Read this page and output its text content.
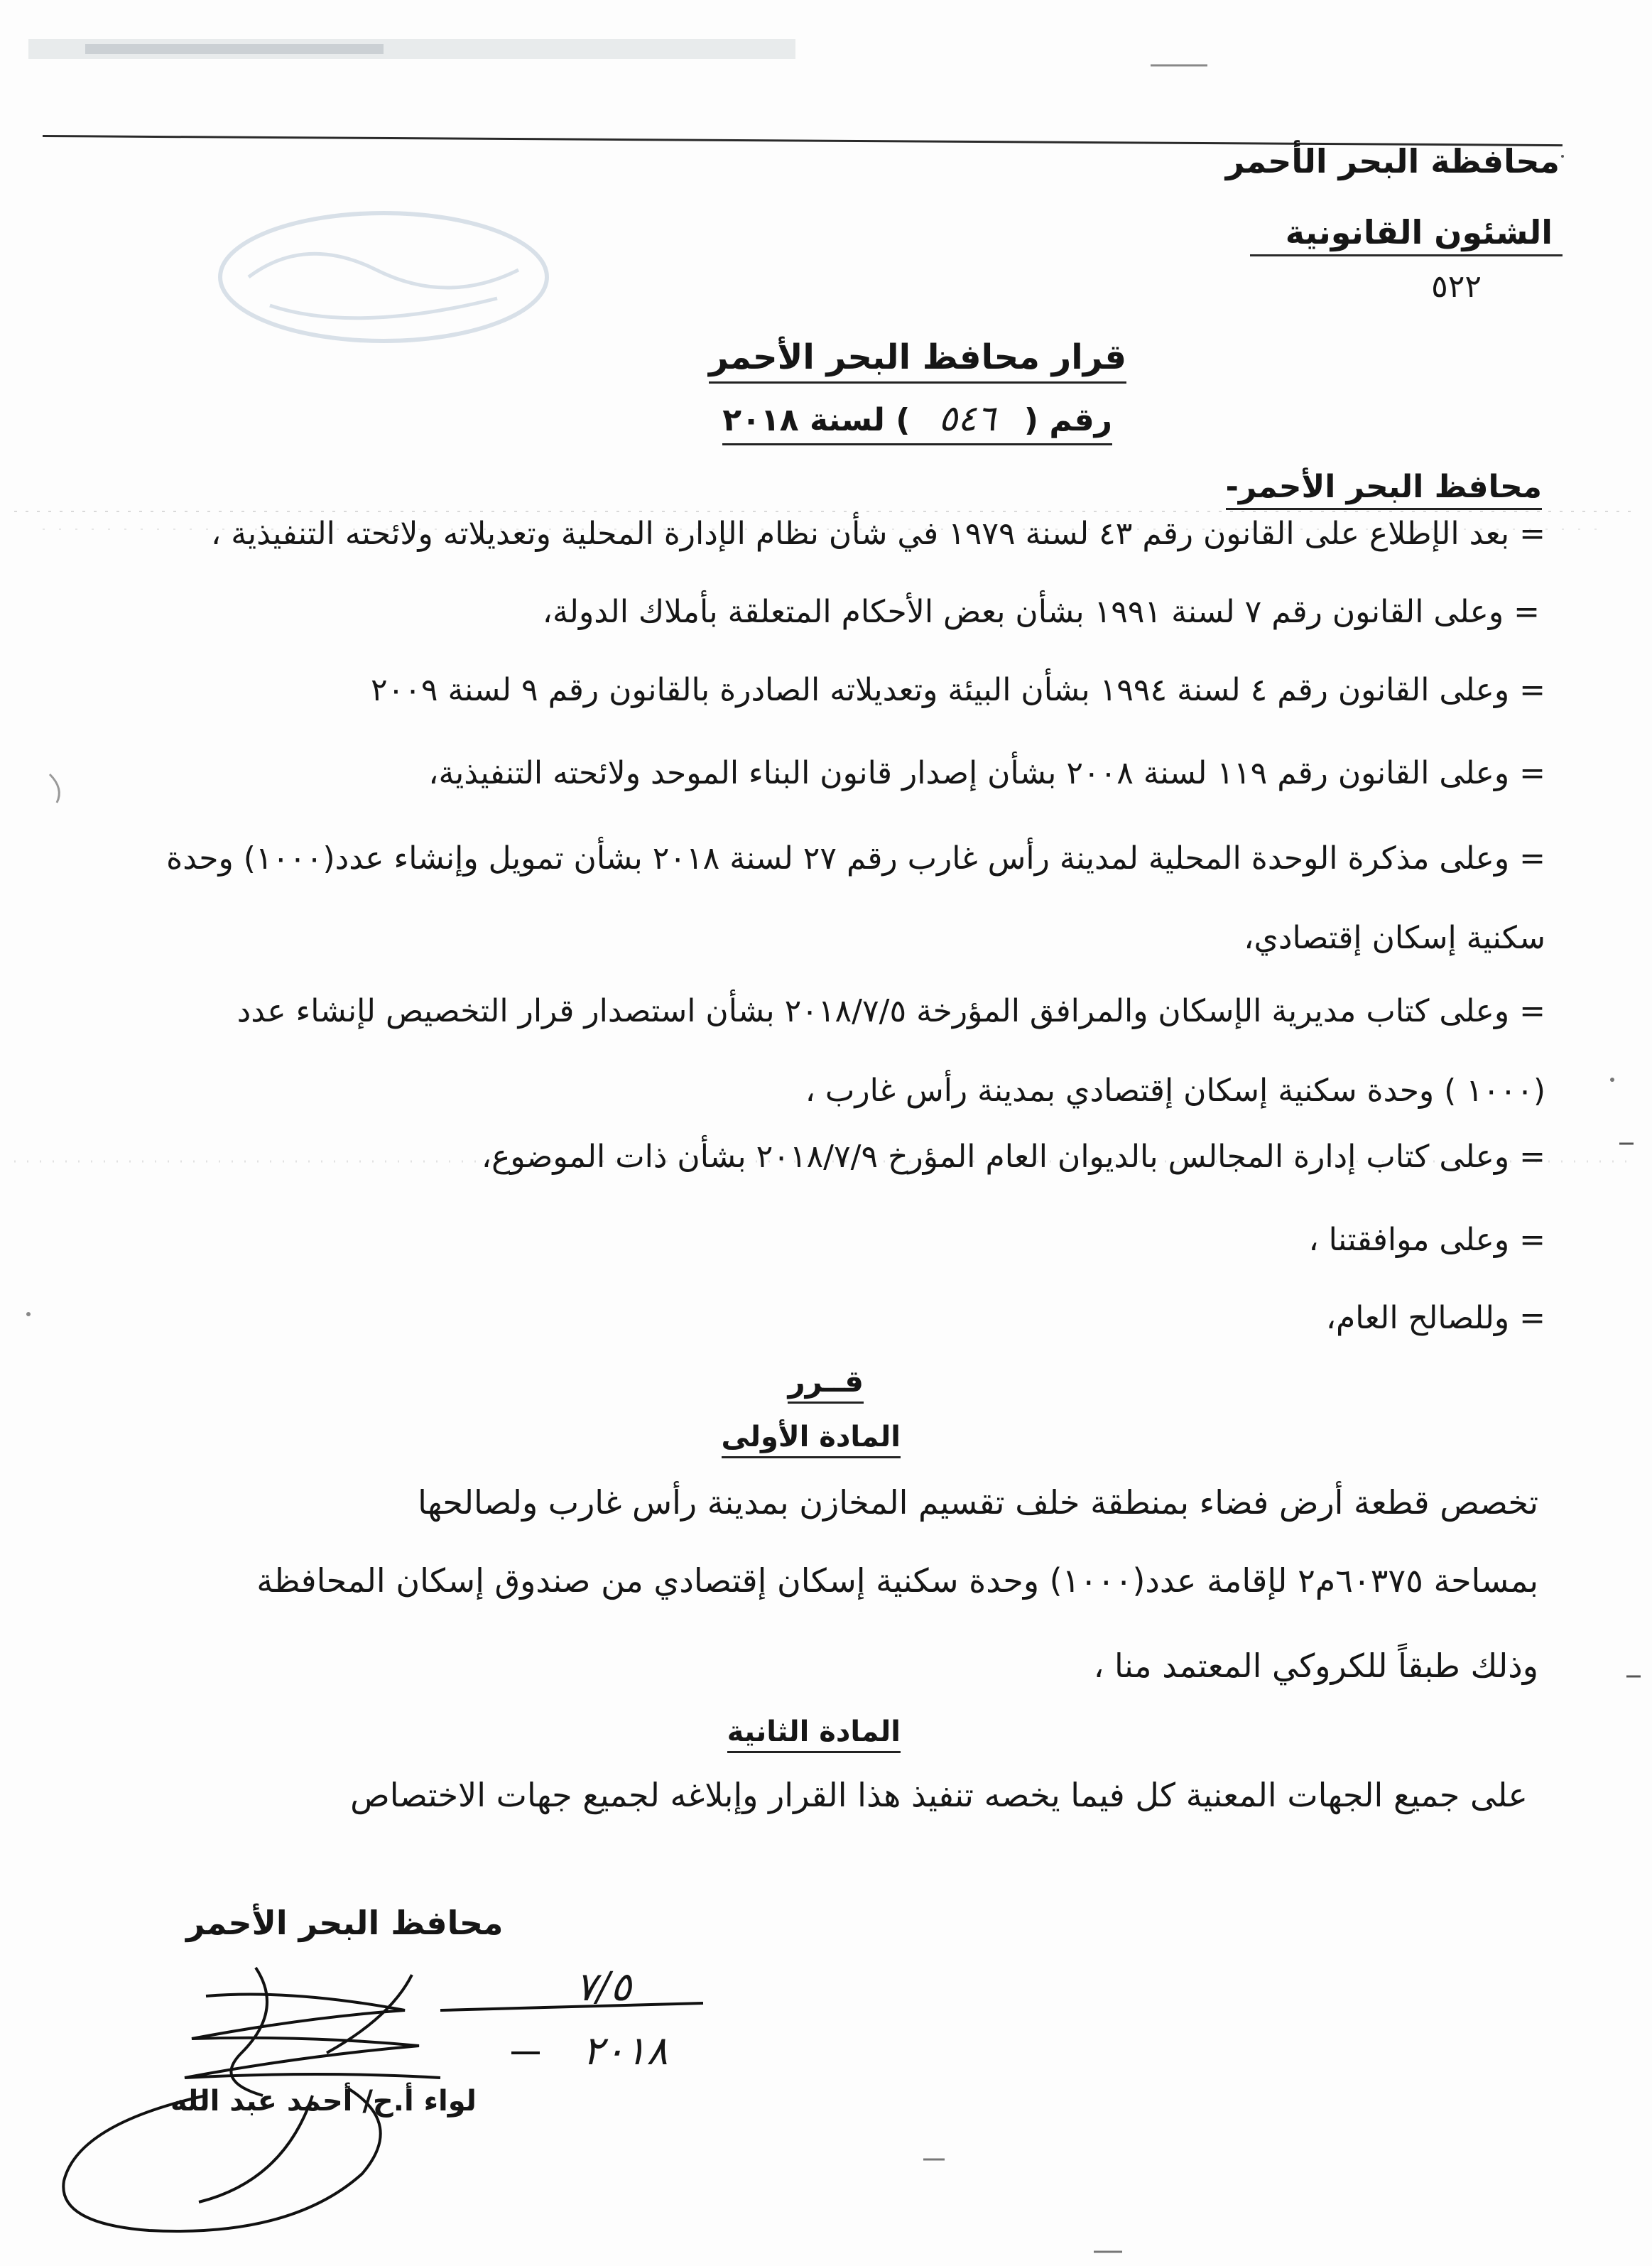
محافظة البحر الأحمر
الشئون القانونية
٥٢٢
قرار محافظ البحر الأحمر
رقم (٥٤٦) لسنة ٢٠١٨
محافظ البحر الأحمر-
= بعد الإطلاع على القانون رقم ٤٣ لسنة ١٩٧٩ في شأن نظام الإدارة المحلية وتعديلاته ولائحته التنفيذية ،
= وعلى القانون رقم ٧ لسنة ١٩٩١ بشأن بعض الأحكام المتعلقة بأملاك الدولة،
= وعلى القانون رقم ٤ لسنة ١٩٩٤ بشأن البيئة وتعديلاته الصادرة بالقانون رقم ٩ لسنة ٢٠٠٩
= وعلى القانون رقم ١١٩ لسنة ٢٠٠٨ بشأن إصدار قانون البناء الموحد ولائحته التنفيذية،
= وعلى مذكرة الوحدة المحلية لمدينة رأس غارب رقم ٢٧ لسنة ٢٠١٨ بشأن تمويل وإنشاء عدد(١٠٠٠) وحدة
سكنية إسكان إقتصادي،
= وعلى كتاب مديرية الإسكان والمرافق المؤرخة ٢٠١٨/٧/٥ بشأن استصدار قرار التخصيص لإنشاء عدد
(١٠٠٠ ) وحدة سكنية إسكان إقتصادي بمدينة رأس غارب ،
= وعلى كتاب إدارة المجالس بالديوان العام المؤرخ ٢٠١٨/٧/٩ بشأن ذات الموضوع،
= وعلى موافقتنا ،
= وللصالح العام،
قــرر
المادة الأولى
تخصص قطعة أرض فضاء بمنطقة خلف تقسيم المخازن بمدينة رأس غارب ولصالحها
بمساحة ٦٠٣٧٥م٢ لإقامة عدد(١٠٠٠) وحدة سكنية إسكان إقتصادي من صندوق إسكان المحافظة
وذلك طبقاً للكروكي المعتمد منا ،
المادة الثانية
على جميع الجهات المعنية كل فيما يخصه تنفيذ هذا القرار وإبلاغه لجميع جهات الاختصاص
محافظ البحر الأحمر
٧/٥
٢٠١٨
لواء أ.ح/ أحمد عبد الله
